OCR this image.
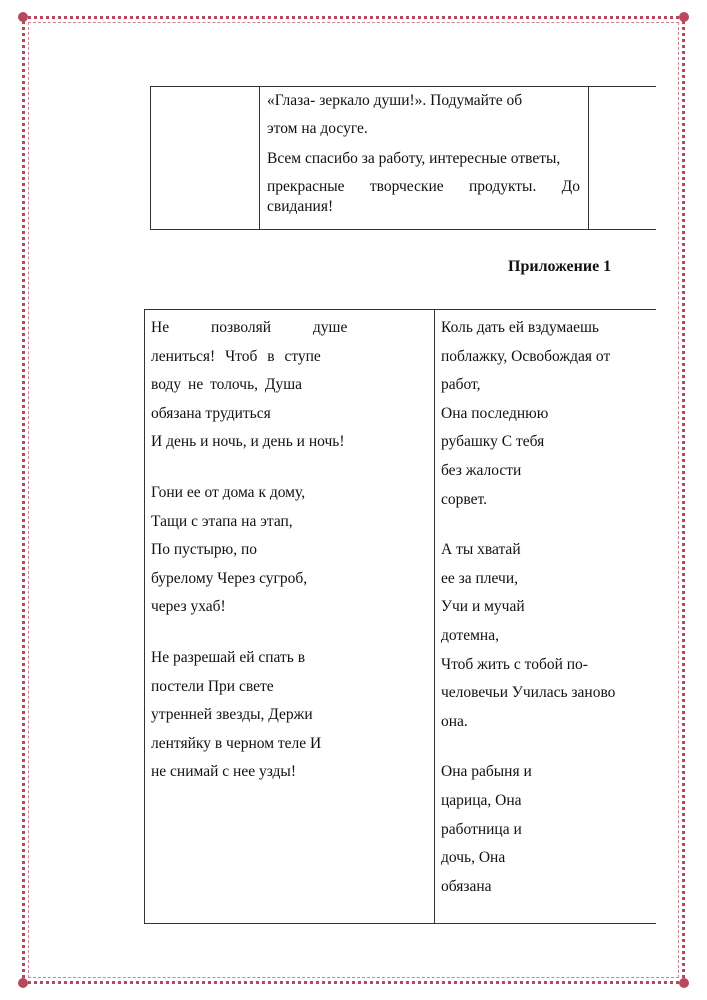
«Глаза- зеркало души!». Подумайте об

этом на досуге.

Всем спасибо за работу, интересные ответы,

прекрасные творческие продукты. До свидания!

Приложение 1
Не позволяй душе
лениться! Чтоб в ступе
воду не толочь, Душа
обязана трудиться
И день и ночь, и день и ночь!
Гони ее от дома к дому,
Тащи с этапа на этап,
По пустырю, по
бурелому Через сугроб,
через ухаб!
Не разрешай ей спать в
постели При свете
утренней звезды, Держи
лентяйку в черном теле И
не снимай с нее узды!

Коль дать ей вздумаешь
поблажку, Освобождая от
работ,
Она последнюю
рубашку С тебя
без жалости
сорвет.
А ты хватай
ее за плечи,
Учи и мучай
дотемна,
Чтоб жить с тобой по-
человечьи Училась заново
она.
Она рабыня и
царица, Она
работница и
дочь, Она
обязана
